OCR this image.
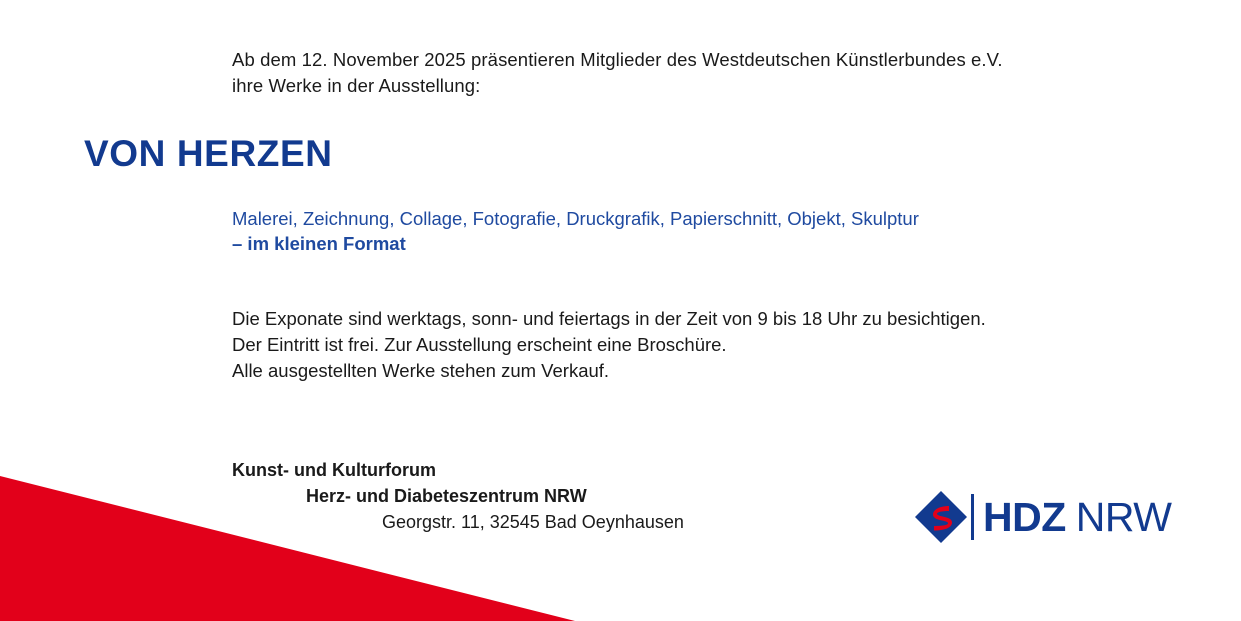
Ab dem 12. November 2025 präsentieren Mitglieder des Westdeutschen Künstlerbundes e.V.
ihre Werke in der Ausstellung:
VON HERZEN
Malerei, Zeichnung, Collage, Fotografie, Druckgrafik, Papierschnitt, Objekt, Skulptur
– im kleinen Format
Die Exponate sind werktags, sonn- und feiertags in der Zeit von 9 bis 18 Uhr zu besichtigen.
Der Eintritt ist frei. Zur Ausstellung erscheint eine Broschüre.
Alle ausgestellten Werke stehen zum Verkauf.
Kunst- und Kulturforum
Herz- und Diabeteszentrum NRW
Georgstr. 11, 32545 Bad Oeynhausen	HDZ NRW
